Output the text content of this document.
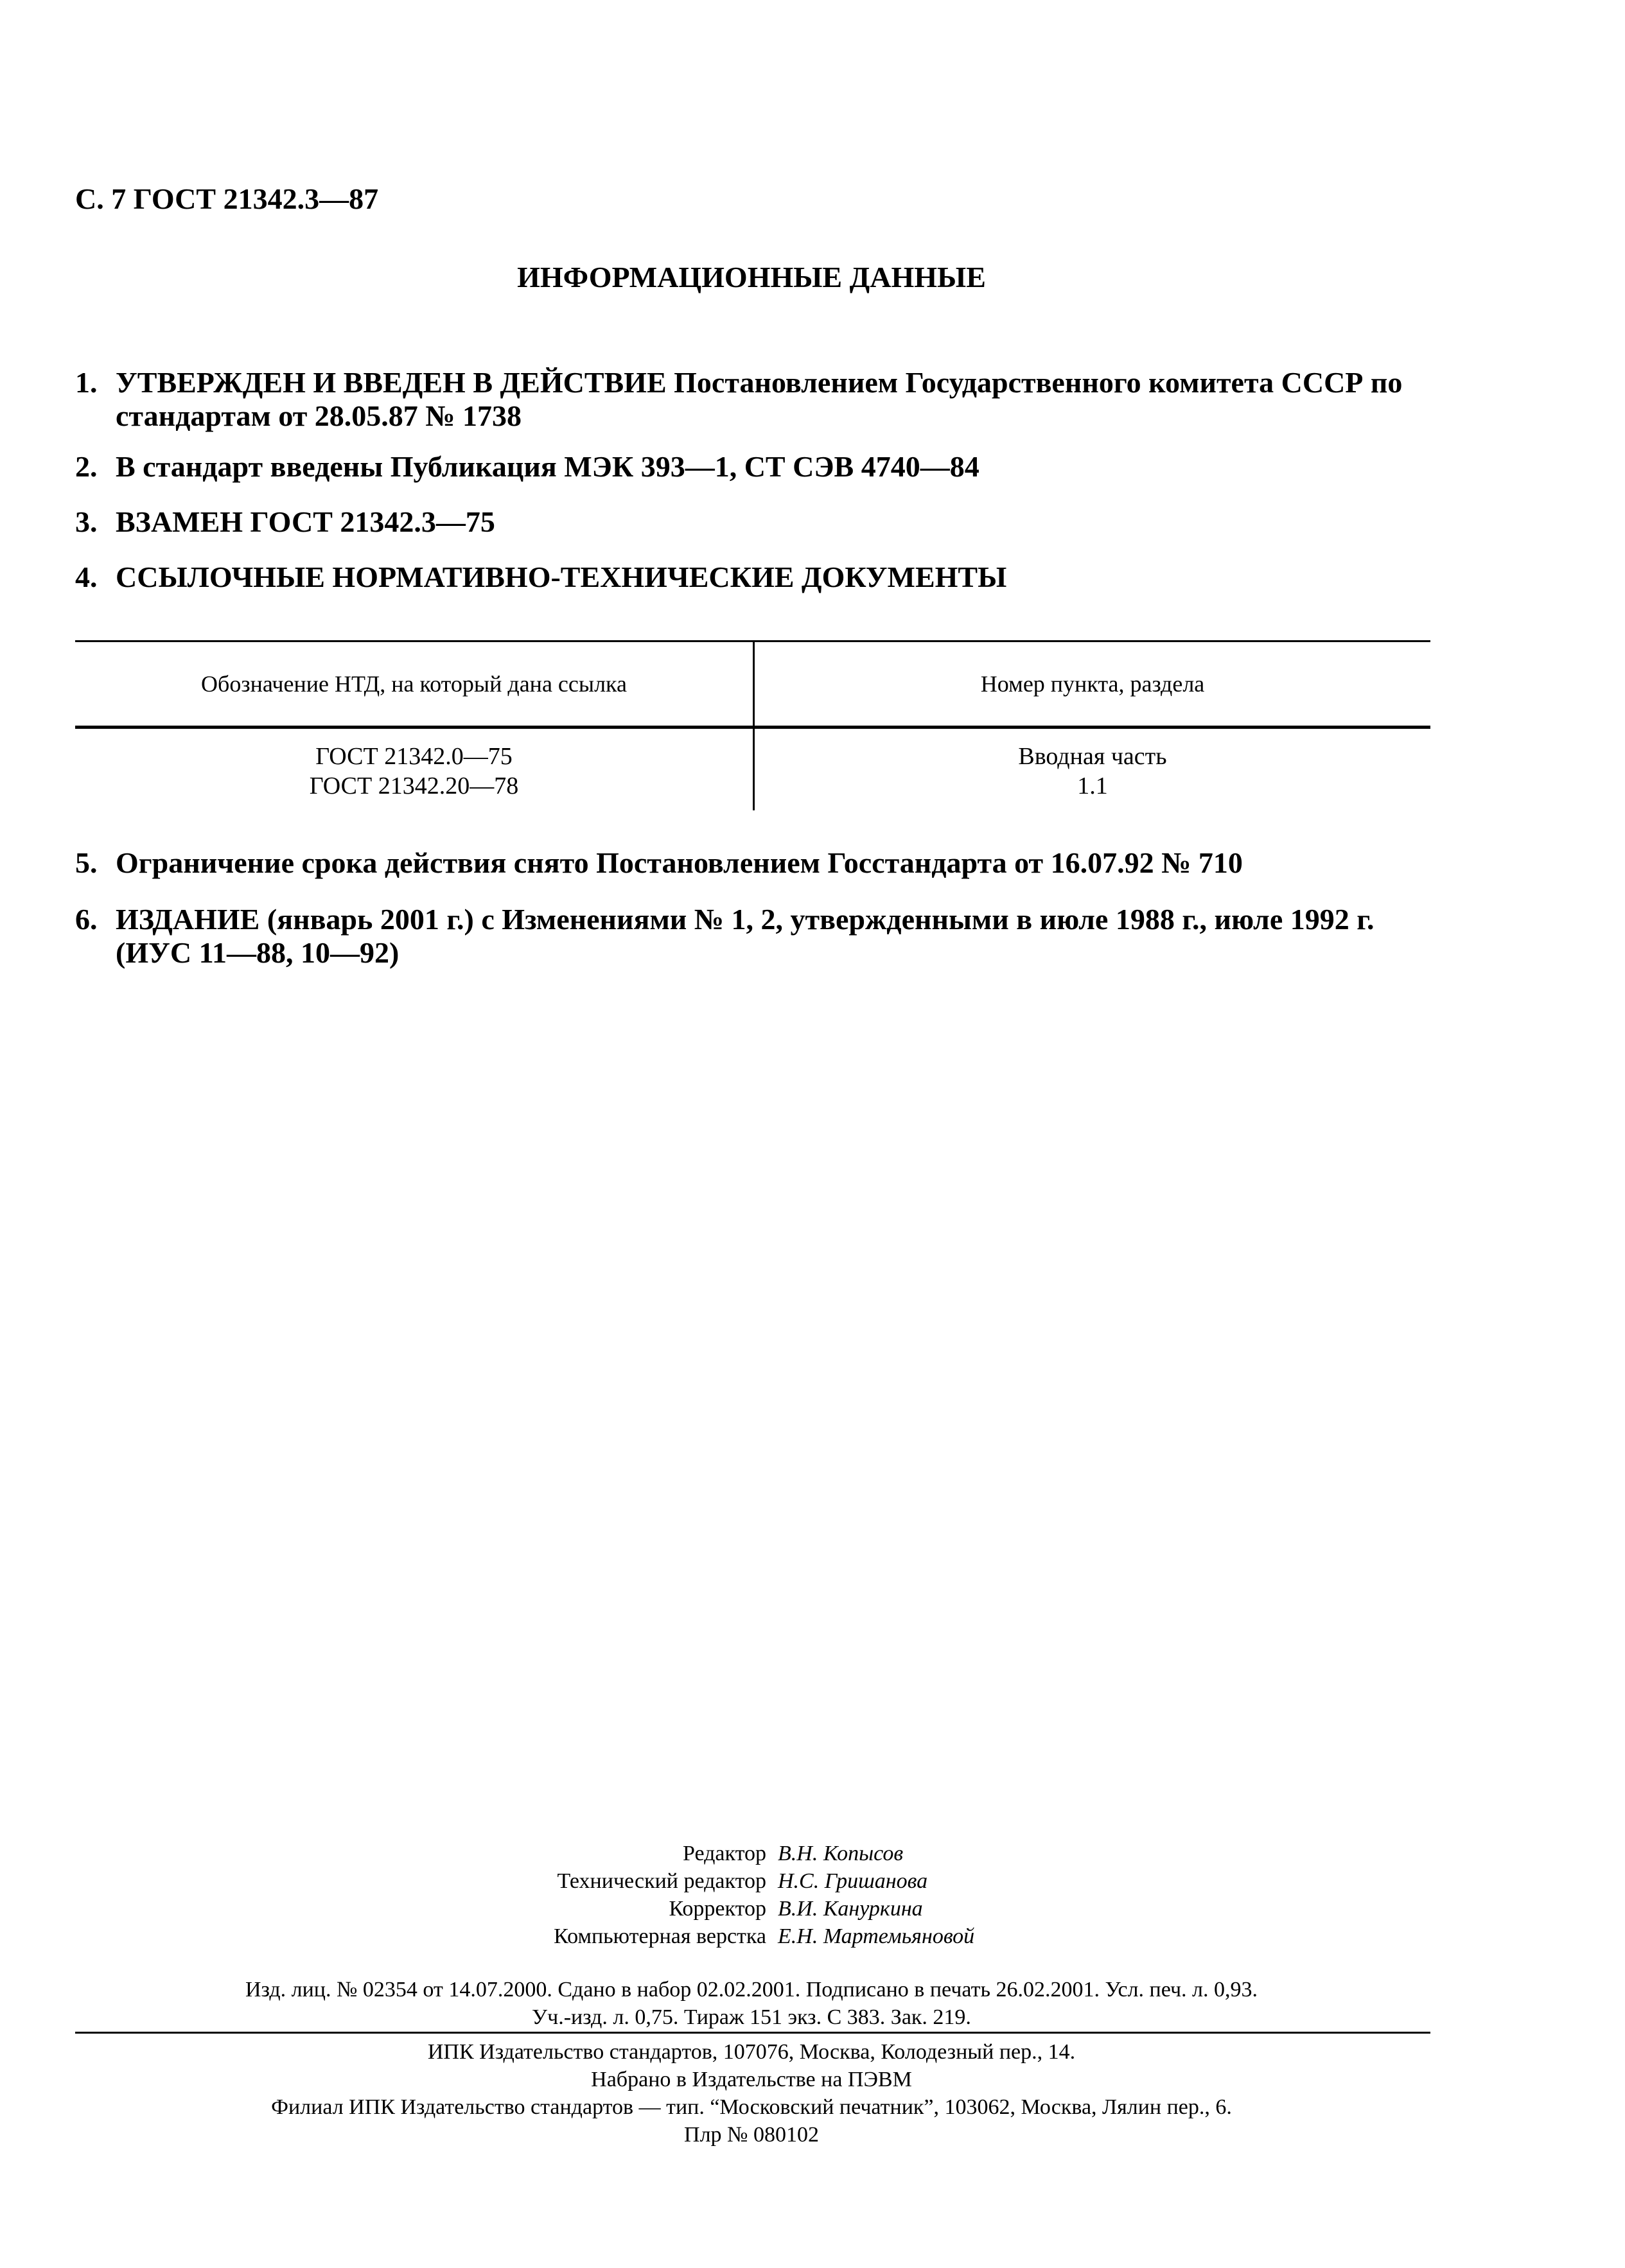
С. 7 ГОСТ 21342.3—87
ИНФОРМАЦИОННЫЕ ДАННЫЕ
1. УТВЕРЖДЕН И ВВЕДЕН В ДЕЙСТВИЕ Постановлением Государственного комитета СССР по стандартам от 28.05.87 № 1738
2. В стандарт введены Публикация МЭК 393—1, СТ СЭВ 4740—84
3. ВЗАМЕН ГОСТ 21342.3—75
4. ССЫЛОЧНЫЕ НОРМАТИВНО-ТЕХНИЧЕСКИЕ ДОКУМЕНТЫ
Обозначение НТД, на который дана ссылка	Номер пункта, раздела
ГОСТ 21342.0—75	Вводная часть
ГОСТ 21342.20—78	1.1
5. Ограничение срока действия снято Постановлением Госстандарта от 16.07.92 № 710
6. ИЗДАНИЕ (январь 2001 г.) с Изменениями № 1, 2, утвержденными в июле 1988 г., июле 1992 г. (ИУС 11—88, 10—92)
Редактор В.Н. Копысов
Технический редактор Н.С. Гришанова
Корректор В.И. Кануркина
Компьютерная верстка Е.Н. Мартемьяновой
Изд. лиц. № 02354 от 14.07.2000. Сдано в набор 02.02.2001. Подписано в печать 26.02.2001. Усл. печ. л. 0,93.
Уч.-изд. л. 0,75. Тираж 151 экз. С 383. Зак. 219.
ИПК Издательство стандартов, 107076, Москва, Колодезный пер., 14.
Набрано в Издательстве на ПЭВМ
Филиал ИПК Издательство стандартов — тип. “Московский печатник”, 103062, Москва, Лялин пер., 6.
Плр № 080102
